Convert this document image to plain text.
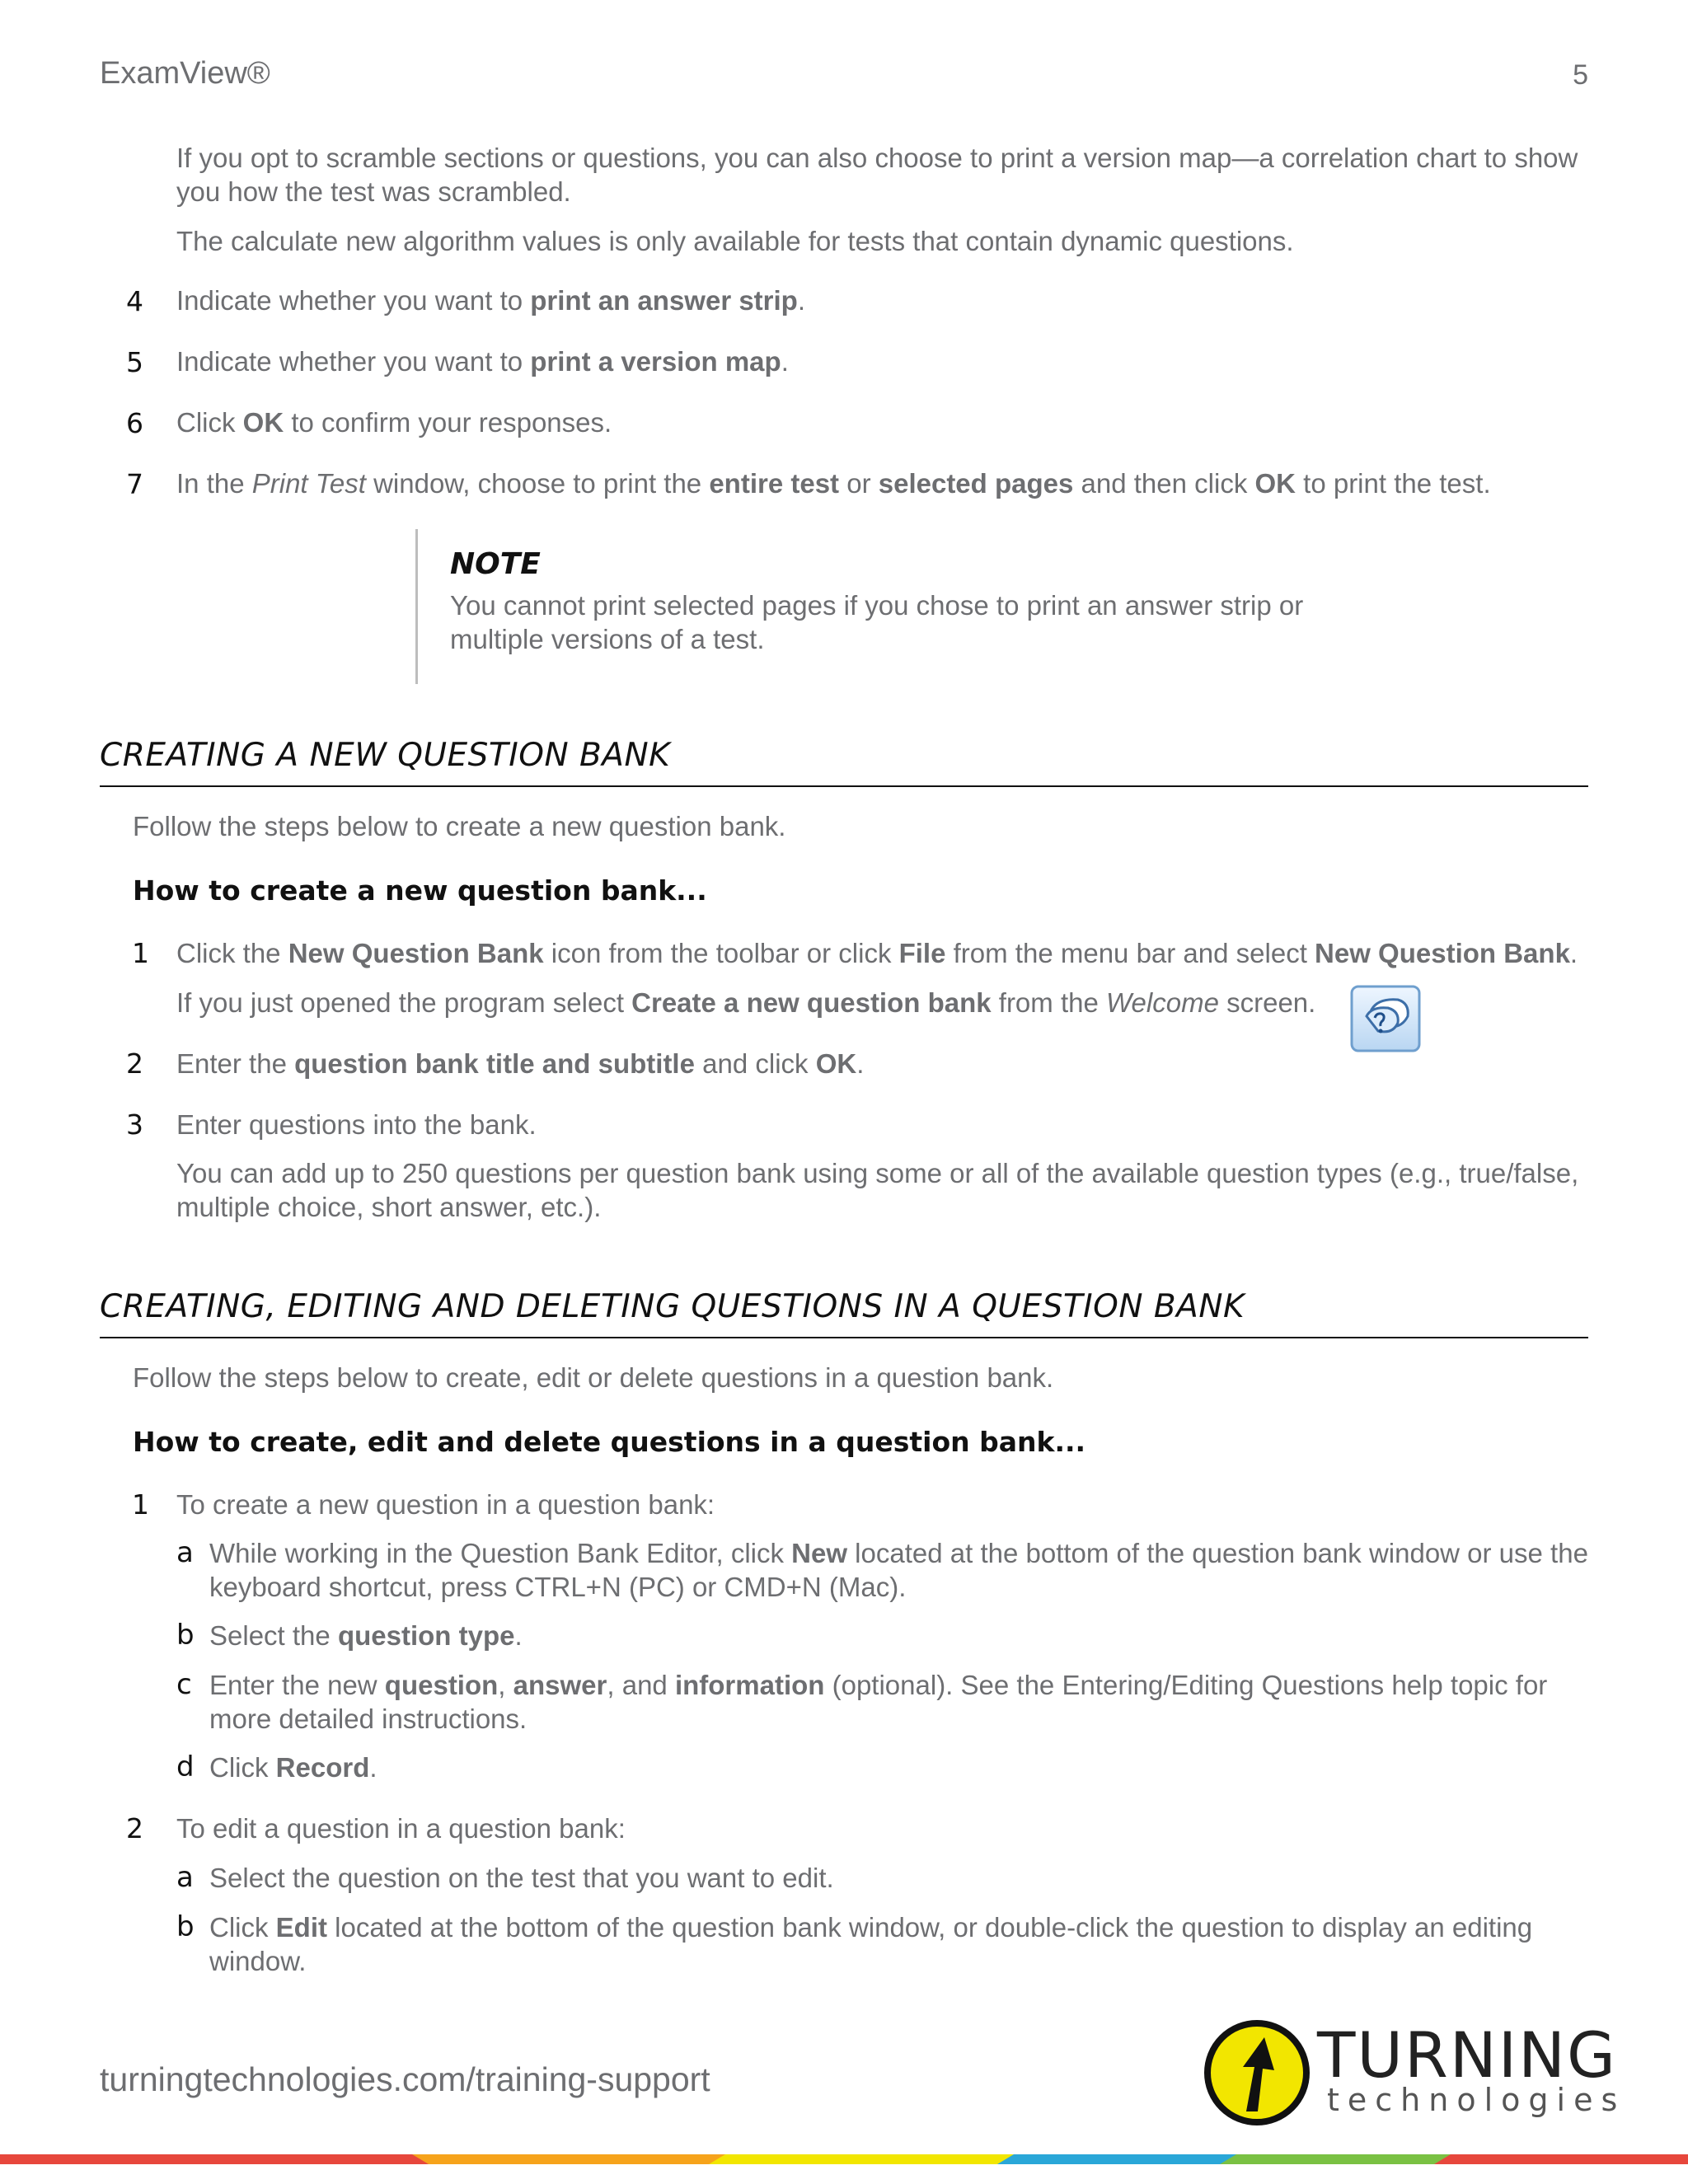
ExamView®	5
If you opt to scramble sections or questions, you can also choose to print a version map—a correlation chart to show you how the test was scrambled.
The calculate new algorithm values is only available for tests that contain dynamic questions.
4 Indicate whether you want to print an answer strip.
5 Indicate whether you want to print a version map.
6 Click OK to confirm your responses.
7 In the Print Test window, choose to print the entire test or selected pages and then click OK to print the test.
NOTE
You cannot print selected pages if you chose to print an answer strip or
multiple versions of a test.
CREATING A NEW QUESTION BANK
Follow the steps below to create a new question bank.
How to create a new question bank...
1 Click the New Question Bank icon from the toolbar or click File from the menu bar and select New Question Bank.
If you just opened the program select Create a new question bank from the Welcome screen.
2 Enter the question bank title and subtitle and click OK.
3 Enter questions into the bank.
You can add up to 250 questions per question bank using some or all of the available question types (e.g., true/false,
multiple choice, short answer, etc.).
CREATING, EDITING AND DELETING QUESTIONS IN A QUESTION BANK
Follow the steps below to create, edit or delete questions in a question bank.
How to create, edit and delete questions in a question bank...
1 To create a new question in a question bank:
a While working in the Question Bank Editor, click New located at the bottom of the question bank window or use the
keyboard shortcut, press CTRL+N (PC) or CMD+N (Mac).
b Select the question type.
c Enter the new question, answer, and information (optional). See the Entering/Editing Questions help topic for
more detailed instructions.
d Click Record.
2 To edit a question in a question bank:
a Select the question on the test that you want to edit.
b Click Edit located at the bottom of the question bank window, or double-click the question to display an editing
window.
turningtechnologies.com/training-support	TURNING
technologies
